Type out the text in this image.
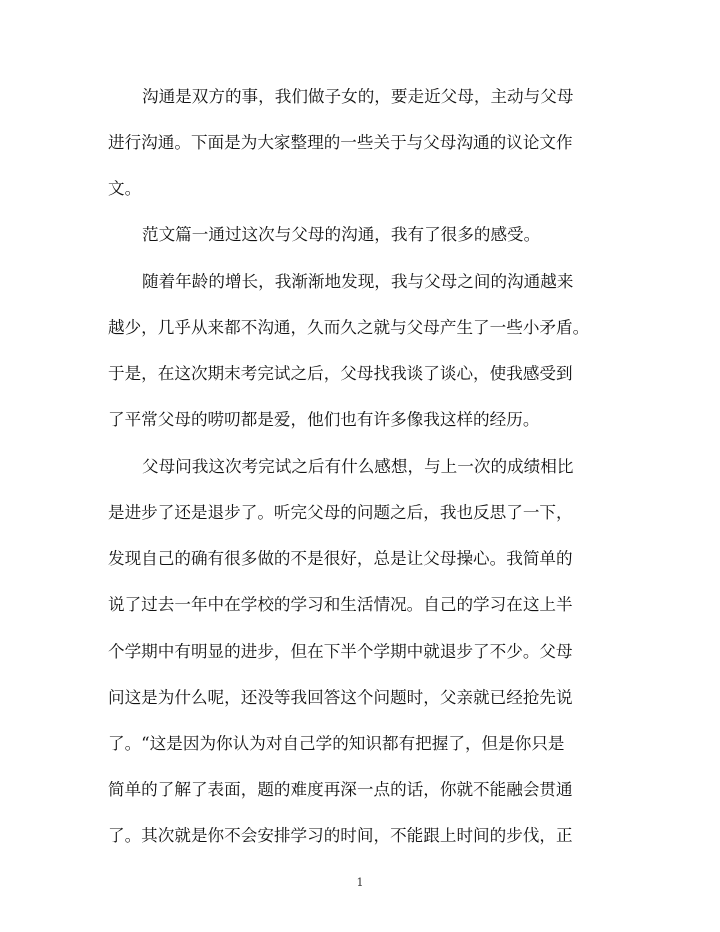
沟通是双方的事，我们做子女的，要走近父母，主动与父母
进行沟通。下面是为大家整理的一些关于与父母沟通的议论文作
文。
范文篇一通过这次与父母的沟通，我有了很多的感受。
随着年龄的增长，我渐渐地发现，我与父母之间的沟通越来
越少，几乎从来都不沟通，久而久之就与父母产生了一些小矛盾。
于是，在这次期末考完试之后，父母找我谈了谈心，使我感受到
了平常父母的唠叨都是爱，他们也有许多像我这样的经历。
父母问我这次考完试之后有什么感想，与上一次的成绩相比
是进步了还是退步了。听完父母的问题之后，我也反思了一下，
发现自己的确有很多做的不是很好，总是让父母操心。我简单的
说了过去一年中在学校的学习和生活情况。自己的学习在这上半
个学期中有明显的进步，但在下半个学期中就退步了不少。父母
问这是为什么呢，还没等我回答这个问题时，父亲就已经抢先说
了。“这是因为你认为对自己学的知识都有把握了，但是你只是
简单的了解了表面，题的难度再深一点的话，你就不能融会贯通
了。其次就是你不会安排学习的时间，不能跟上时间的步伐，正
1
